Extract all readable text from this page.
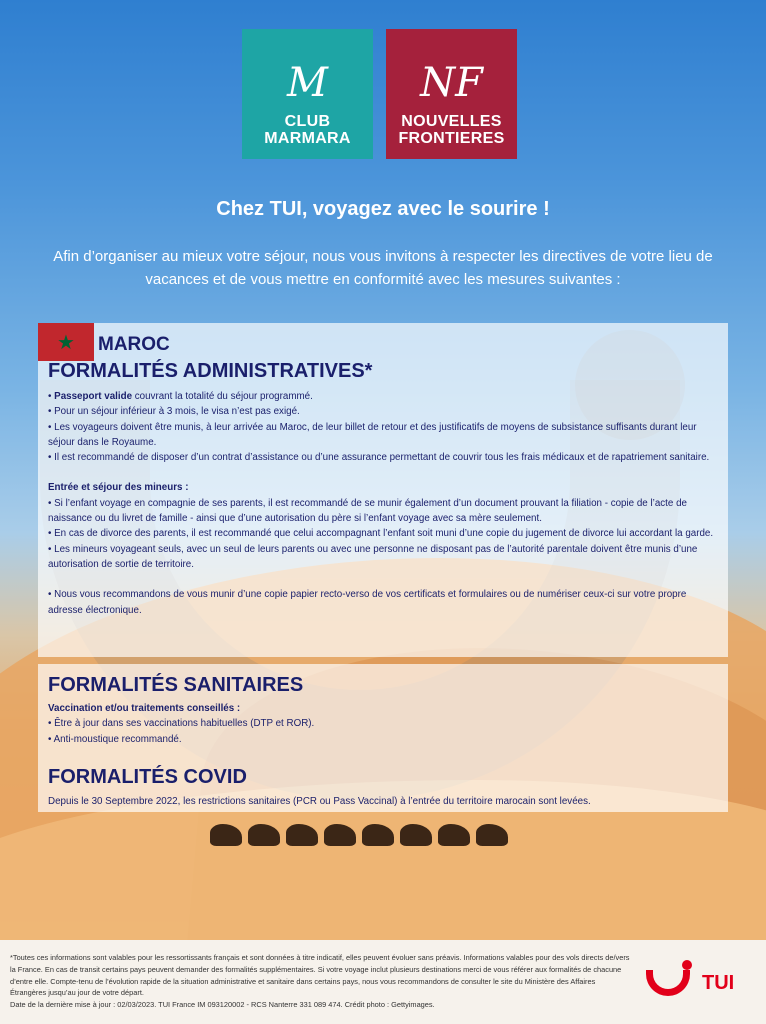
M
CLUB
MARMARA
NF
NOUVELLES
FRONTIERES
Chez TUI, voyagez avec le sourire !
Afin d’organiser au mieux votre séjour, nous vous invitons à respecter les directives de votre lieu de vacances et de vous mettre en conformité avec les mesures suivantes :
★ MAROC
FORMALITÉS ADMINISTRATIVES*
• Passeport valide couvrant la totalité du séjour programmé.
• Pour un séjour inférieur à 3 mois, le visa n’est pas exigé.
• Les voyageurs doivent être munis, à leur arrivée au Maroc, de leur billet de retour et des justificatifs de moyens de subsistance suffisants durant leur séjour dans le Royaume.
• Il est recommandé de disposer d’un contrat d’assistance ou d’une assurance permettant de couvrir tous les frais médicaux et de rapatriement sanitaire.
Entrée et séjour des mineurs :
• Si l’enfant voyage en compagnie de ses parents, il est recommandé de se munir également d’un document prouvant la filiation - copie de l’acte de naissance ou du livret de famille - ainsi que d’une autorisation du père si l’enfant voyage avec sa mère seulement.
• En cas de divorce des parents, il est recommandé que celui accompagnant l’enfant soit muni d’une copie du jugement de divorce lui accordant la garde.
• Les mineurs voyageant seuls, avec un seul de leurs parents ou avec une personne ne disposant pas de l’autorité parentale doivent être munis d’une autorisation de sortie de territoire.
• Nous vous recommandons de vous munir d’une copie papier recto-verso de vos certificats et formulaires ou de numériser ceux-ci sur votre propre adresse électronique.
FORMALITÉS SANITAIRES
Vaccination et/ou traitements conseillés :
• Être à jour dans ses vaccinations habituelles (DTP et ROR).
• Anti-moustique recommandé.
FORMALITÉS COVID
Depuis le 30 Septembre 2022, les restrictions sanitaires (PCR ou Pass Vaccinal) à l’entrée du territoire marocain sont levées.
*Toutes ces informations sont valables pour les ressortissants français et sont données à titre indicatif, elles peuvent évoluer sans préavis. Informations valables pour des vols directs de/vers la France. En cas de transit certains pays peuvent demander des formalités supplémentaires. Si votre voyage inclut plusieurs destinations merci de vous référer aux formalités de chacune d’entre elle. Compte-tenu de l’évolution rapide de la situation administrative et sanitaire dans certains pays, nous vous recommandons de consulter le site du Ministère des Affaires Étrangères jusqu’au jour de votre départ.
Date de la dernière mise à jour : 02/03/2023. TUI France IM 093120002 - RCS Nanterre 331 089 474. Crédit photo : Gettyimages.
TUI
